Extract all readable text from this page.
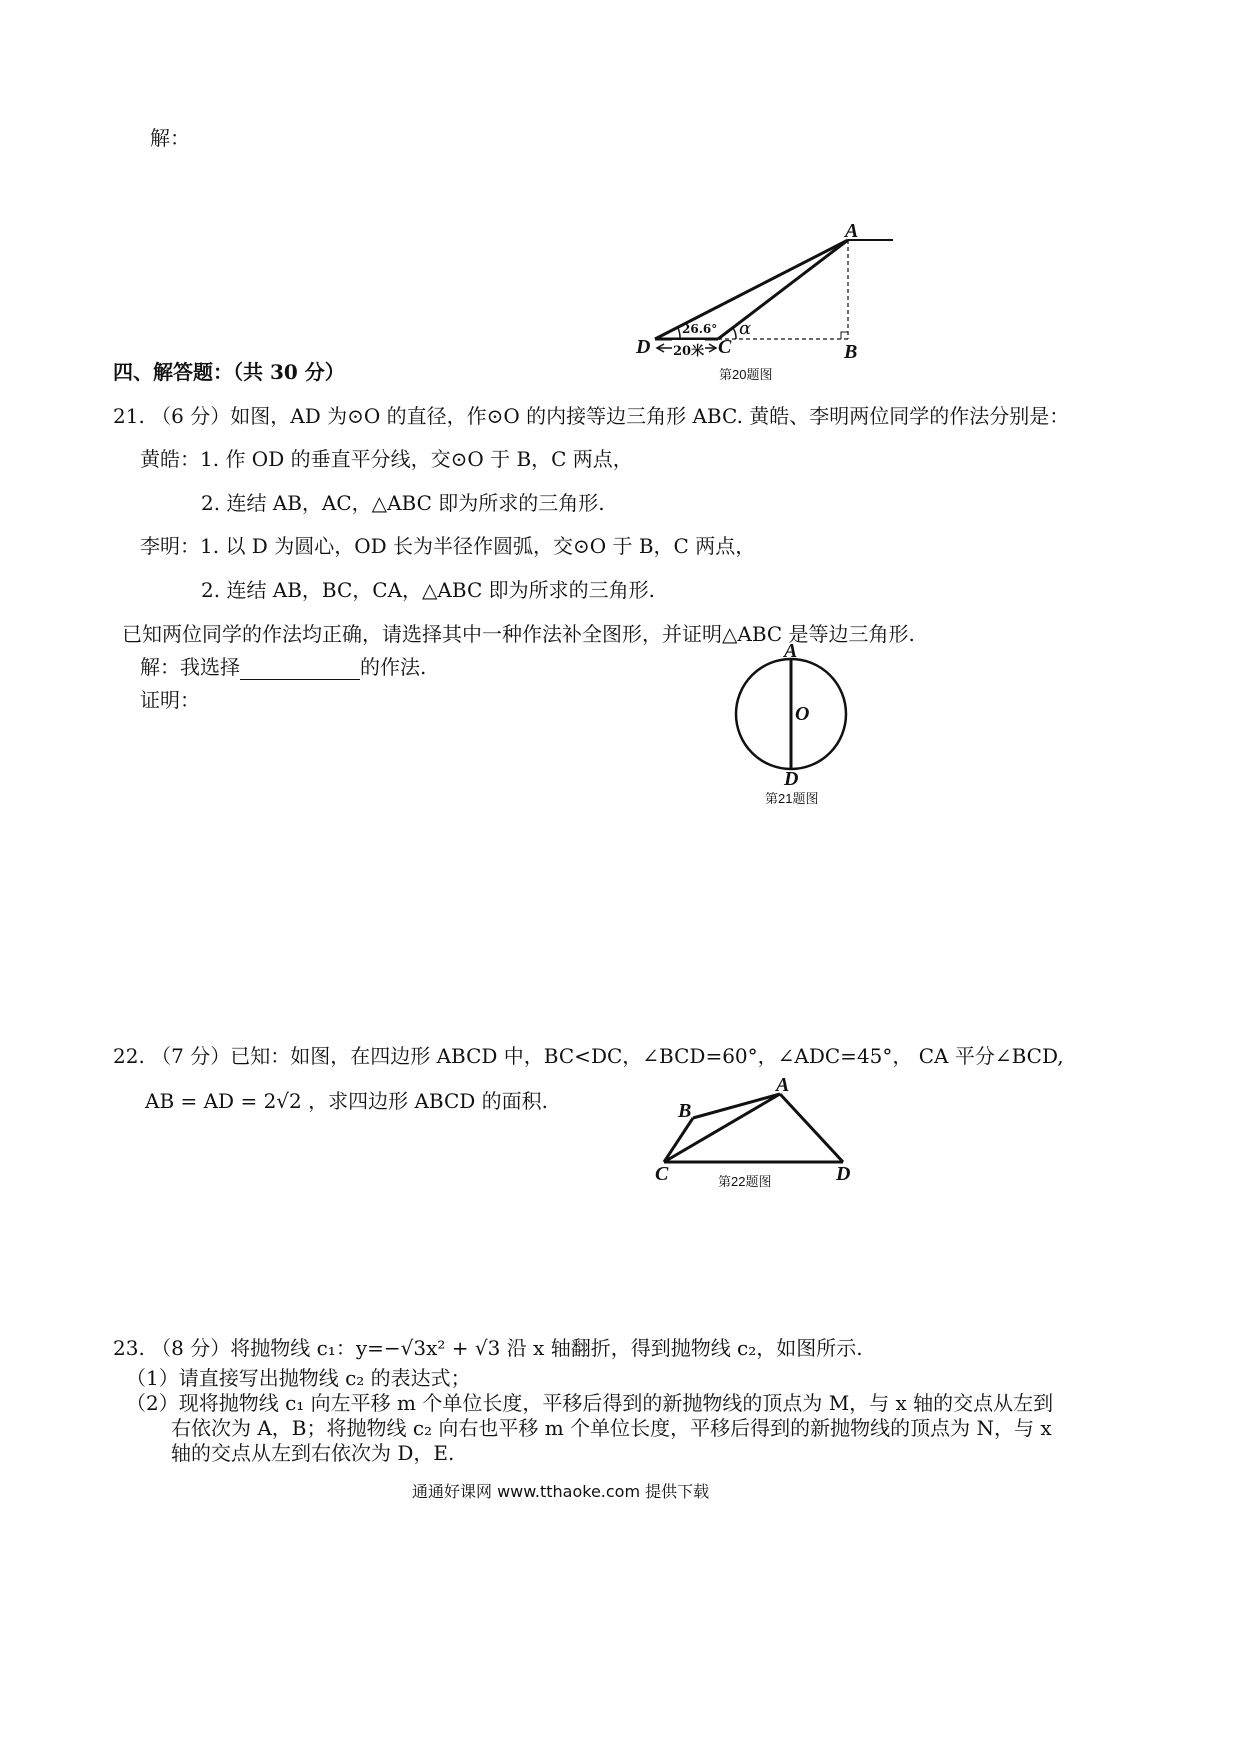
解：
A
D	C	B
26.6° α
20米
第20题图
四、解答题：（共 30 分）
21. （6 分）如图，AD 为⊙O 的直径，作⊙O 的内接等边三角形 ABC. 黄皓、李明两位同学的作法分别是：
黄皓：1. 作 OD 的垂直平分线，交⊙O 于 B，C 两点，
2. 连结 AB，AC，△ABC 即为所求的三角形.
李明：1. 以 D 为圆心，OD 长为半径作圆弧，交⊙O 于 B，C 两点，
2. 连结 AB，BC，CA，△ABC 即为所求的三角形.
已知两位同学的作法均正确，请选择其中一种作法补全图形，并证明△ABC 是等边三角形.
解：我选择	的作法.
证明：
A
O
D
第21题图
22. （7 分）已知：如图，在四边形 ABCD 中，BC<DC，∠BCD=60°，∠ADC=45°， CA 平分∠BCD,
AB = AD = 2√2 ，求四边形 ABCD 的面积.
A
B
C	D
第22题图
23. （8 分）将抛物线 c₁：y=−√3x² + √3 沿 x 轴翻折，得到抛物线 c₂，如图所示.
（1）请直接写出抛物线 c₂ 的表达式；
（2）现将抛物线 c₁ 向左平移 m 个单位长度，平移后得到的新抛物线的顶点为 M，与 x 轴的交点从左到
右依次为 A，B；将抛物线 c₂ 向右也平移 m 个单位长度，平移后得到的新抛物线的顶点为 N，与 x
轴的交点从左到右依次为 D，E.
通通好课网 www.tthaoke.com 提供下载
